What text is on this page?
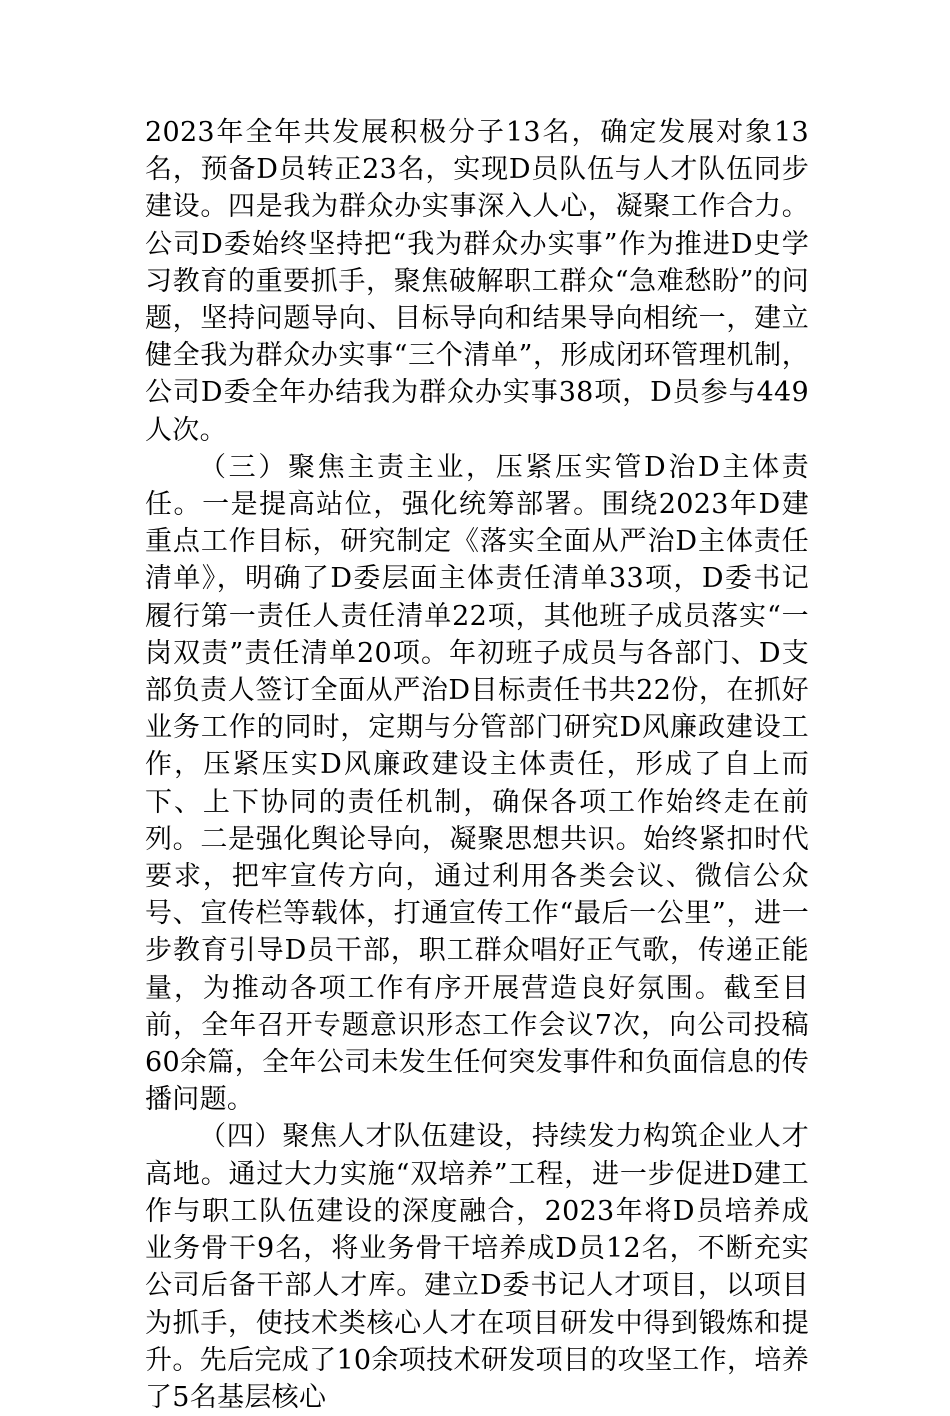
2023年全年共发展积极分子13名，确定发展对象13名，预备D员转正23名，实现D员队伍与人才队伍同步建设。四是我为群众办实事深入人心，凝聚工作合力。公司D委始终坚持把“我为群众办实事”作为推进D史学习教育的重要抓手，聚焦破解职工群众“急难愁盼”的问题，坚持问题导向、目标导向和结果导向相统一，建立健全我为群众办实事“三个清单”，形成闭环管理机制，公司D委全年办结我为群众办实事38项，D员参与449人次。

（三）聚焦主责主业，压紧压实管D治D主体责任。一是提高站位，强化统筹部署。围绕2023年D建重点工作目标，研究制定《落实全面从严治D主体责任清单》，明确了D委层面主体责任清单33项，D委书记履行第一责任人责任清单22项，其他班子成员落实“一岗双责”责任清单20项。年初班子成员与各部门、D支部负责人签订全面从严治D目标责任书共22份，在抓好业务工作的同时，定期与分管部门研究D风廉政建设工作，压紧压实D风廉政建设主体责任，形成了自上而下、上下协同的责任机制，确保各项工作始终走在前列。二是强化舆论导向，凝聚思想共识。始终紧扣时代要求，把牢宣传方向，通过利用各类会议、微信公众号、宣传栏等载体，打通宣传工作“最后一公里”，进一步教育引导D员干部，职工群众唱好正气歌，传递正能量，为推动各项工作有序开展营造良好氛围。截至目前，全年召开专题意识形态工作会议7次，向公司投稿60余篇，全年公司未发生任何突发事件和负面信息的传播问题。

（四）聚焦人才队伍建设，持续发力构筑企业人才高地。通过大力实施“双培养”工程，进一步促进D建工作与职工队伍建设的深度融合，2023年将D员培养成业务骨干9名，将业务骨干培养成D员12名，不断充实公司后备干部人才库。建立D委书记人才项目，以项目为抓手，使技术类核心人才在项目研发中得到锻炼和提升。先后完成了10余项技术研发项目的攻坚工作，培养了5名基层核心
